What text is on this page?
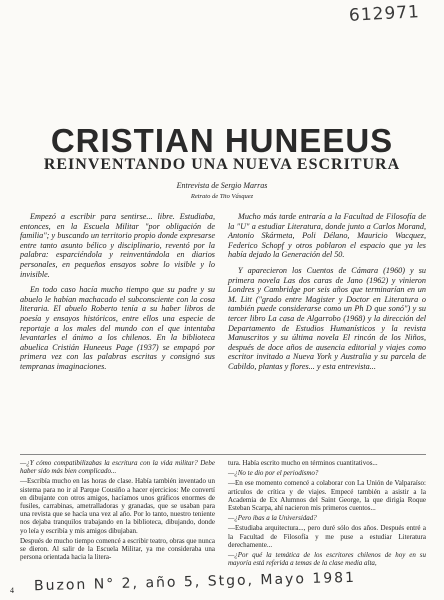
612971
CRISTIAN HUNEEUS
REINVENTANDO UNA NUEVA ESCRITURA
Entrevista de Sergio Marras
Retrato de Tito Vásquez

Empezó a escribir para sentirse... libre. Estudiaba, entonces, en la Escuela Militar "por obligación de familia"; y buscando un territorio propio donde expresarse entre tanto asunto bélico y disciplinario, reventó por la palabra: esparciéndola y reinventándola en diarios personales, en pequeños ensayos sobre lo visible y lo invisible.

En todo caso hacía mucho tiempo que su padre y su abuelo le habían machacado el subconsciente con la cosa literaria. El abuelo Roberto tenía a su haber libros de poesía y ensayos históricos, entre ellos una especie de reportaje a los males del mundo con el que intentaba levantarles el ánimo a los chilenos. En la biblioteca abuelica Cristián Huneeus Page (1937) se empapó por primera vez con las palabras escritas y consignó sus tempranas imaginaciones.

Mucho más tarde entraría a la Facultad de Filosofía de la "U" a estudiar Literatura, donde junto a Carlos Morand, Antonio Skármeta, Poli Délano, Mauricio Wacquez, Federico Schopf y otros poblaron el espacio que ya les había dejado la Generación del 50.

Y aparecieron los Cuentos de Cámara (1960) y su primera novela Las dos caras de Jano (1962) y vinieron Londres y Cambridge por seis años que terminarían en un M. Litt ("grado entre Magister y Doctor en Literatura o también puede considerarse como un Ph D que sonó") y su tercer libro La casa de Algarrobo (1968) y la dirección del Departamento de Estudios Humanísticos y la revista Manuscritos y su última novela El rincón de los Niños, después de doce años de ausencia editorial y viajes como escritor invitado a Nueva York y Australia y su parcela de Cabildo, plantas y flores... y esta entrevista...

—¿Y cómo compatibilizabas la escritura con la vida militar? Debe haber sido más bien complicado...

—Escribía mucho en las horas de clase. Había también inventado un sistema para no ir al Parque Cousiño a hacer ejercicios: Me convertí en dibujante con otros amigos, hacíamos unos gráficos enormes de fusiles, carrabinas, ametralladoras y granadas, que se usaban para una revista que se hacía una vez al año. Por lo tanto, nuestro teniente nos dejaba tranquilos trabajando en la biblioteca, dibujando, donde yo leía y escribía y mis amigos dibujaban.

Después de mucho tiempo comencé a escribir teatro, obras que nunca se dieron. Al salir de la Escuela Militar, ya me consideraba una persona orientada hacia la litera-

tura. Había escrito mucho en términos cuantitativos...

—¿No te dio por el periodismo?

—En ese momento comencé a colaborar con La Unión de Valparaíso: artículos de crítica y de viajes. Empecé también a asistir a la Academia de Ex Alumnos del Saint George, la que dirigía Roque Esteban Scarpa, ahí nacieron mis primeros cuentos...

—¿Pero ibas a la Universidad?

—Estudiaba arquitectura..., pero duré sólo dos años. Después entré a la Facultad de Filosofía y me puse a estudiar Literatura derechamente...

—¿Por qué la temática de los escritores chilenos de hoy en su mayoría está referida a temas de la clase media alta,

4 Buzon N° 2, año 5, Stgo, Mayo 1981
